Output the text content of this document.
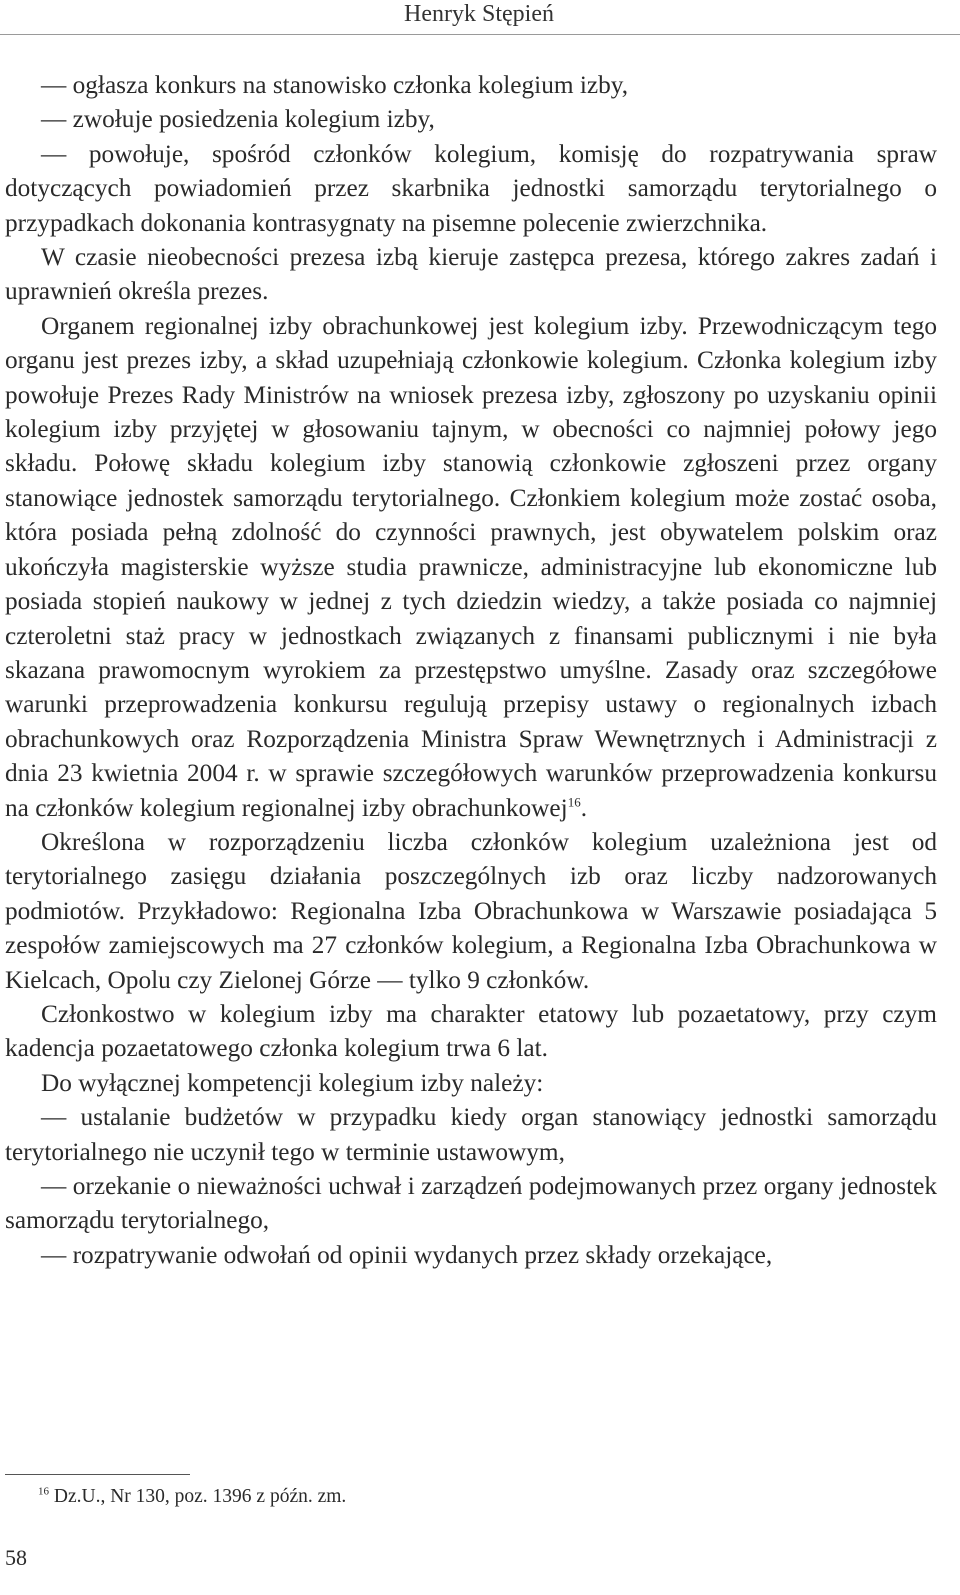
Henryk Stępień

— ogłasza konkurs na stanowisko członka kolegium izby,

— zwołuje posiedzenia kolegium izby,

— powołuje, spośród członków kolegium, komisję do rozpatrywania spraw dotyczących powiadomień przez skarbnika jednostki samorządu terytorialnego o przypadkach dokonania kontrasygnaty na pisemne polecenie zwierzchnika.

W czasie nieobecności prezesa izbą kieruje zastępca prezesa, którego zakres zadań i uprawnień określa prezes.

Organem regionalnej izby obrachunkowej jest kolegium izby. Przewodniczącym tego organu jest prezes izby, a skład uzupełniają członkowie kolegium. Członka kolegium izby powołuje Prezes Rady Ministrów na wniosek prezesa izby, zgłoszony po uzyskaniu opinii kolegium izby przyjętej w głosowaniu tajnym, w obecności co najmniej połowy jego składu. Połowę składu kolegium izby stanowią członkowie zgłoszeni przez organy stanowiące jednostek samorządu terytorialnego. Członkiem kolegium może zostać osoba, która posiada pełną zdolność do czynności prawnych, jest obywatelem polskim oraz ukończyła magisterskie wyższe studia prawnicze, administracyjne lub ekonomiczne lub posiada stopień naukowy w jednej z tych dziedzin wiedzy, a także posiada co najmniej czteroletni staż pracy w jednostkach związanych z finansami publicznymi i nie była skazana prawomocnym wyrokiem za przestępstwo umyślne. Zasady oraz szczegółowe warunki przeprowadzenia konkursu regulują przepisy ustawy o regionalnych izbach obrachunkowych oraz Rozporządzenia Ministra Spraw Wewnętrznych i Administracji z dnia 23 kwietnia 2004 r. w sprawie szczegółowych warunków przeprowadzenia konkursu na członków kolegium regionalnej izby obrachunkowej$^{16}$.

Określona w rozporządzeniu liczba członków kolegium uzależniona jest od terytorialnego zasięgu działania poszczególnych izb oraz liczby nadzorowanych podmiotów. Przykładowo: Regionalna Izba Obrachunkowa w Warszawie posiadająca 5 zespołów zamiejscowych ma 27 członków kolegium, a Regionalna Izba Obrachunkowa w Kielcach, Opolu czy Zielonej Górze — tylko 9 członków.

Członkostwo w kolegium izby ma charakter etatowy lub pozaetatowy, przy czym kadencja pozaetatowego członka kolegium trwa 6 lat.

Do wyłącznej kompetencji kolegium izby należy:

— ustalanie budżetów w przypadku kiedy organ stanowiący jednostki samorządu terytorialnego nie uczynił tego w terminie ustawowym,

— orzekanie o nieważności uchwał i zarządzeń podejmowanych przez organy jednostek samorządu terytorialnego,

— rozpatrywanie odwołań od opinii wydanych przez składy orzekające,

$^{16}$ Dz.U., Nr 130, poz. 1396 z późn. zm.
58
